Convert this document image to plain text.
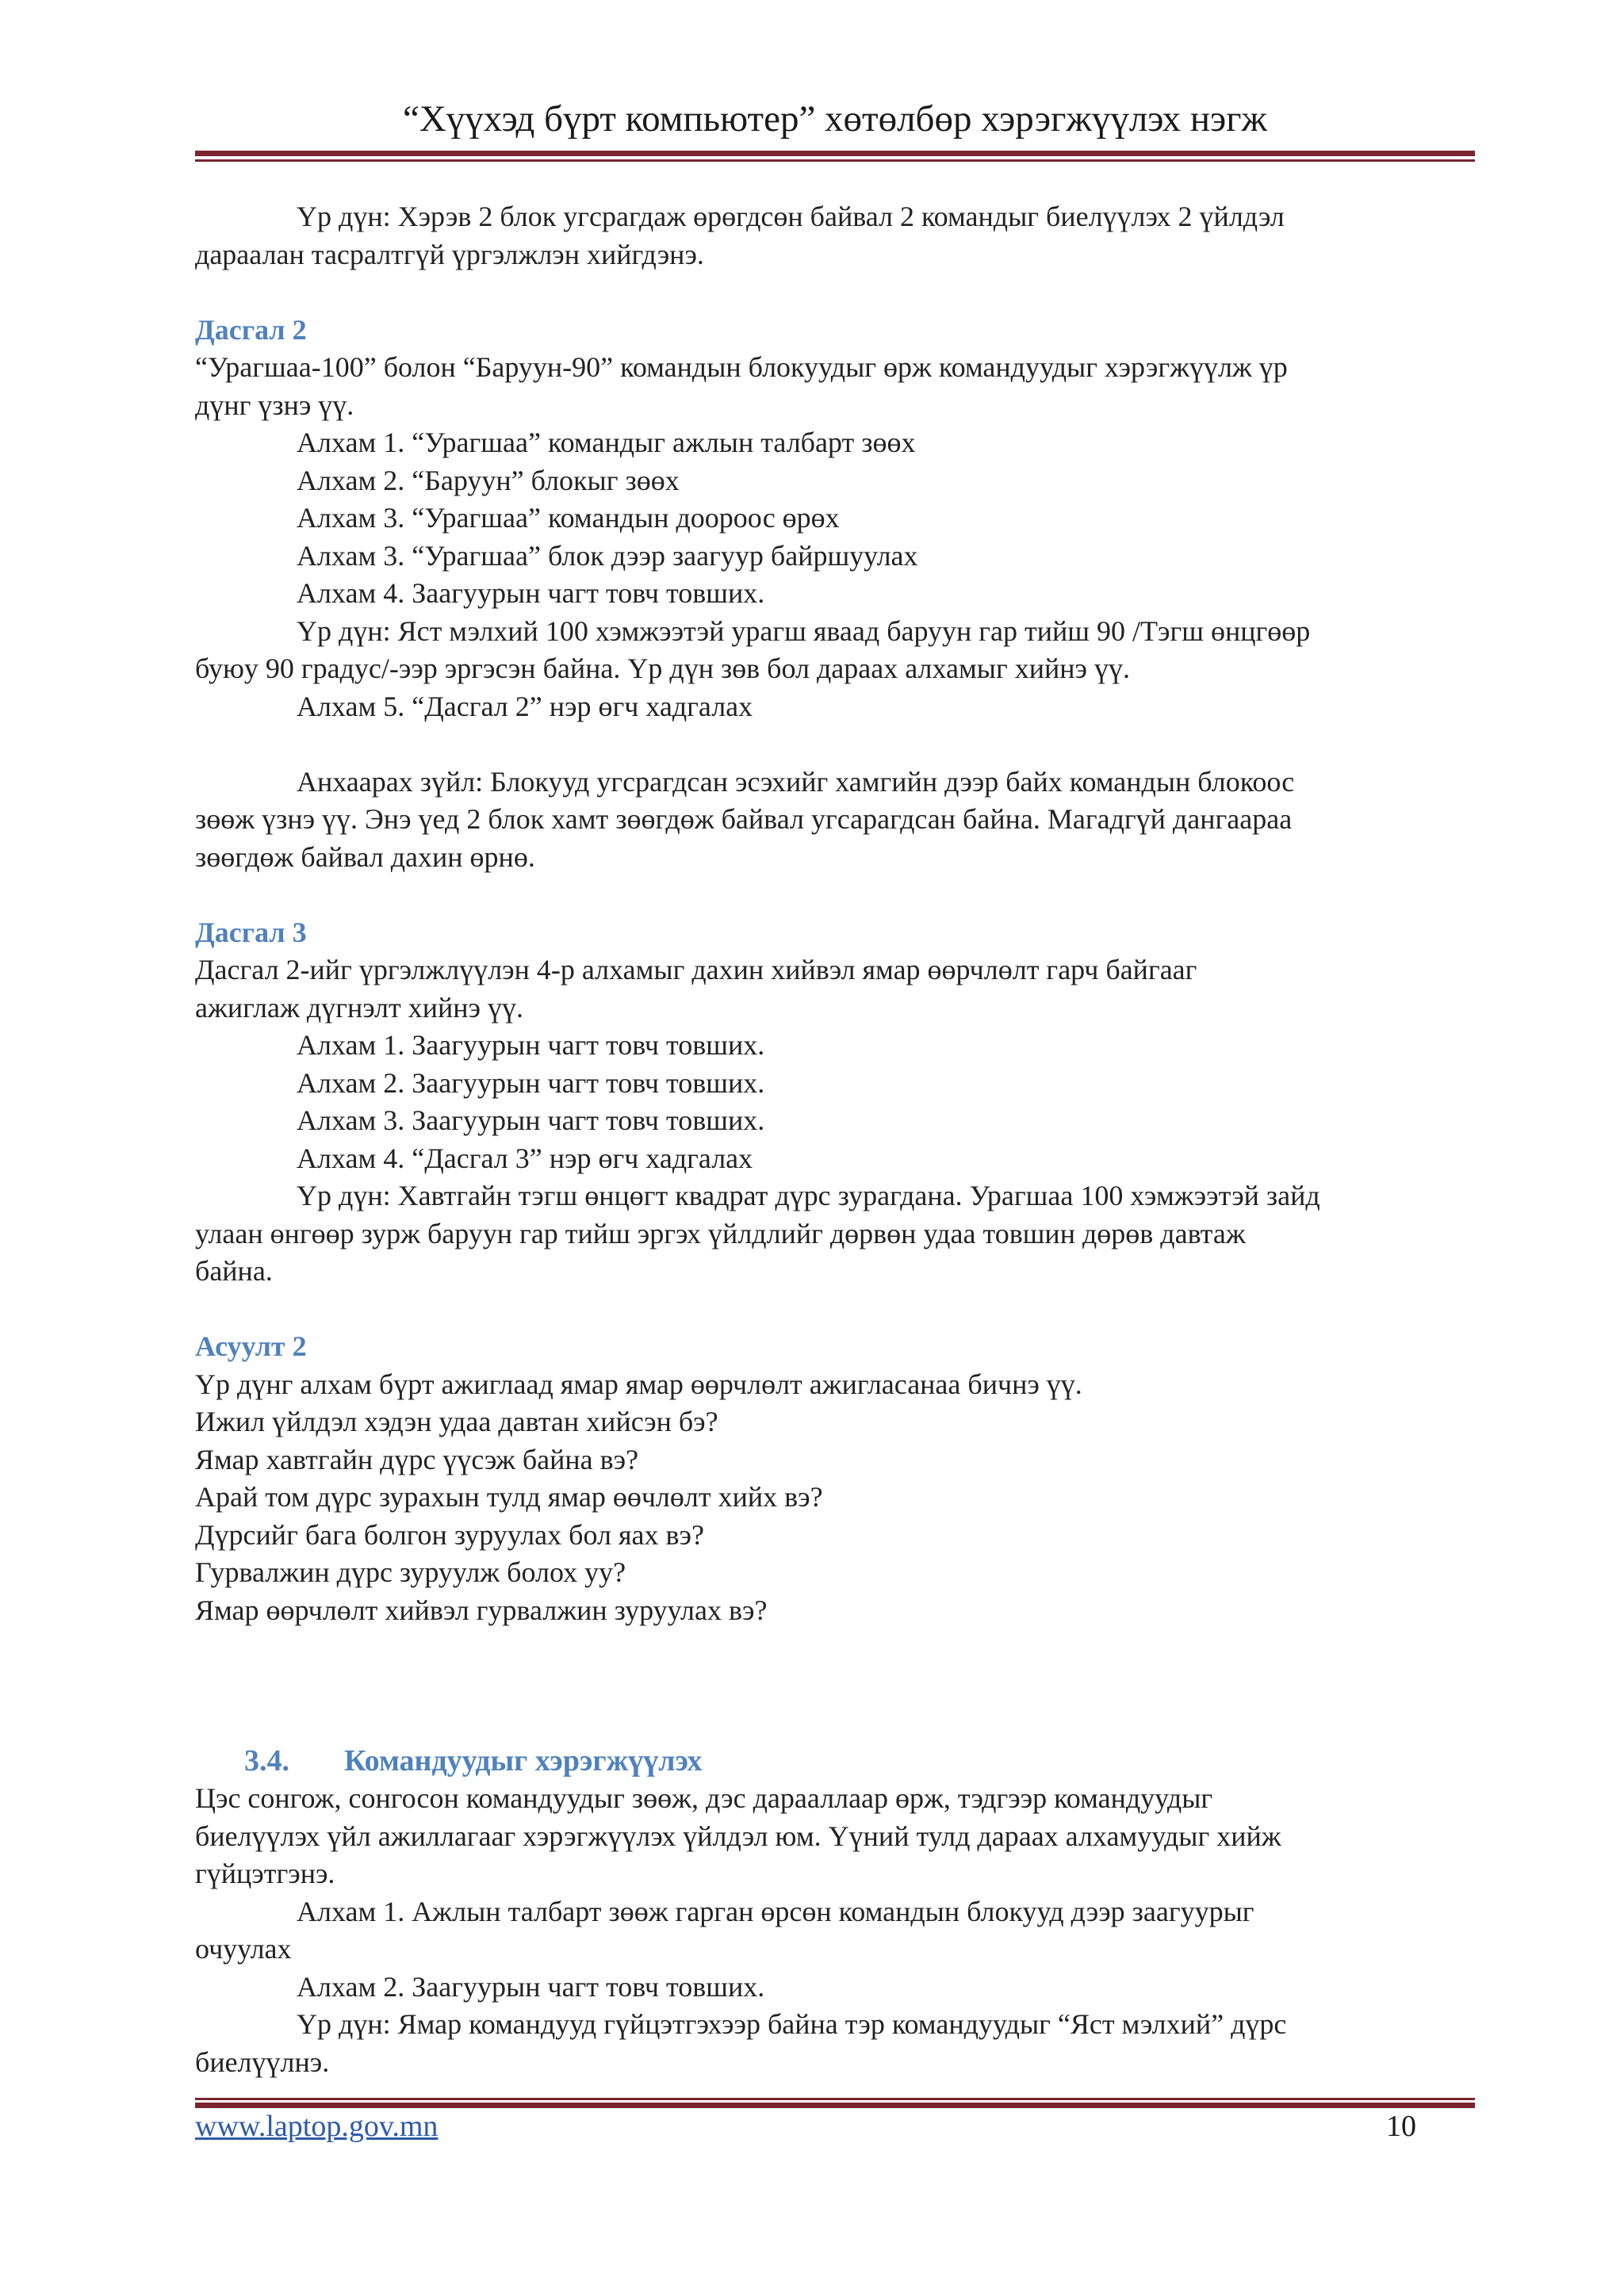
“Хүүхэд бүрт компьютер” хөтөлбөр хэрэгжүүлэх нэгж

Үр дүн: Хэрэв 2 блок угсрагдаж өрөгдсөн байвал 2 командыг биелүүлэх 2 үйлдэл

дараалан тасралтгүй үргэлжлэн хийгдэнэ.

Дасгал 2

“Урагшаа-100” болон “Баруун-90” командын блокуудыг өрж командуудыг хэрэгжүүлж үр

дүнг үзнэ үү.

Алхам 1. “Урагшаа” командыг ажлын талбарт зөөх

Алхам 2. “Баруун” блокыг зөөх

Алхам 3. “Урагшаа” командын доороос өрөх

Алхам 3. “Урагшаа” блок дээр заагуур байршуулах

Алхам 4. Заагуурын чагт товч товших.

Үр дүн: Яст мэлхий 100 хэмжээтэй урагш яваад баруун гар тийш 90 /Тэгш өнцгөөр

буюу 90 градус/-ээр эргэсэн байна. Үр дүн зөв бол дараах алхамыг хийнэ үү.

Алхам 5. “Дасгал 2” нэр өгч хадгалах

Анхаарах зүйл: Блокууд угсрагдсан эсэхийг хамгийн дээр байх командын блокоос

зөөж үзнэ үү. Энэ үед 2 блок хамт зөөгдөж байвал угсарагдсан байна. Магадгүй дангаараа

зөөгдөж байвал дахин өрнө.

Дасгал 3

Дасгал 2-ийг үргэлжлүүлэн 4-р алхамыг дахин хийвэл ямар өөрчлөлт гарч байгааг

ажиглаж дүгнэлт хийнэ үү.

Алхам 1. Заагуурын чагт товч товших.

Алхам 2. Заагуурын чагт товч товших.

Алхам 3. Заагуурын чагт товч товших.

Алхам 4. “Дасгал 3” нэр өгч хадгалах

Үр дүн: Хавтгайн тэгш өнцөгт квадрат дүрс зурагдана. Урагшаа 100 хэмжээтэй зайд

улаан өнгөөр зурж баруун гар тийш эргэх үйлдлийг дөрвөн удаа товшин дөрөв давтаж

байна.

Асуулт 2

Үр дүнг алхам бүрт ажиглаад ямар ямар өөрчлөлт ажигласанаа бичнэ үү.

Ижил үйлдэл хэдэн удаа давтан хийсэн бэ?

Ямар хавтгайн дүрс үүсэж байна вэ?

Арай том дүрс зурахын тулд ямар өөчлөлт хийх вэ?

Дүрсийг бага болгон зуруулах бол яах вэ?

Гурвалжин дүрс зуруулж болох уу?

Ямар өөрчлөлт хийвэл гурвалжин зуруулах вэ?

3.4. Командуудыг хэрэгжүүлэх

Цэс сонгож, сонгосон командуудыг зөөж, дэс дарааллаар өрж, тэдгээр командуудыг

биелүүлэх үйл ажиллагааг хэрэгжүүлэх үйлдэл юм. Үүний тулд дараах алхамуудыг хийж

гүйцэтгэнэ.

Алхам 1. Ажлын талбарт зөөж гарган өрсөн командын блокууд дээр заагуурыг

очуулах

Алхам 2. Заагуурын чагт товч товших.

Үр дүн: Ямар командууд гүйцэтгэхээр байна тэр командуудыг “Яст мэлхий” дүрс

биелүүлнэ.

www.laptop.gov.mn	10
